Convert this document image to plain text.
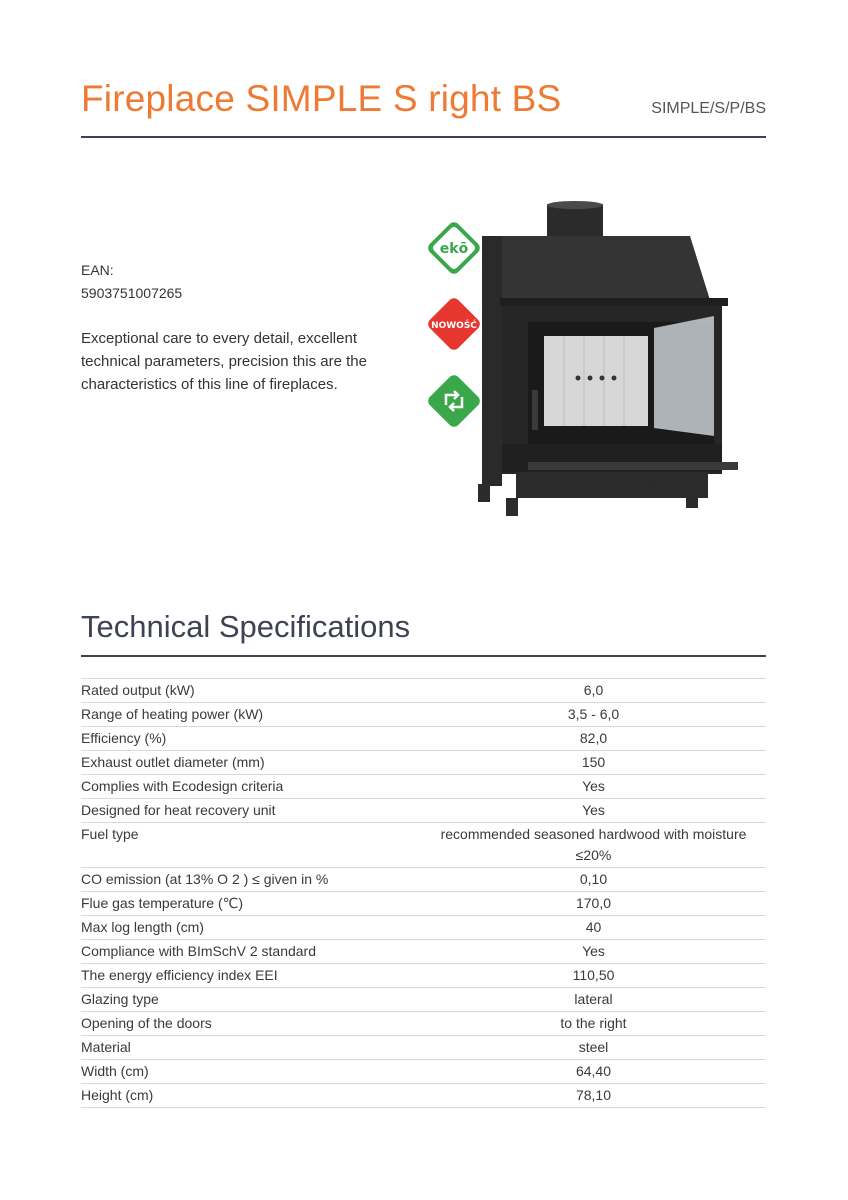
Fireplace SIMPLE S right BS	SIMPLE/S/P/BS
EAN:
5903751007265
Exceptional care to every detail, excellent technical parameters, precision this are the characteristics of this line of fireplaces.
ekō
NOWOŚĆ
Technical Specifications
Rated output (kW)	6,0
Range of heating power (kW)	3,5 - 6,0
Efficiency (%)	82,0
Exhaust outlet diameter (mm)	150
Complies with Ecodesign criteria	Yes
Designed for heat recovery unit	Yes
Fuel type	recommended seasoned hardwood with moisture ≤20%
CO emission (at 13% O 2 ) ≤ given in %	0,10
Flue gas temperature (℃)	170,0
Max log length (cm)	40
Compliance with BImSchV 2 standard	Yes
The energy efficiency index EEI	110,50
Glazing type	lateral
Opening of the doors	to the right
Material	steel
Width (cm)	64,40
Height (cm)	78,10
